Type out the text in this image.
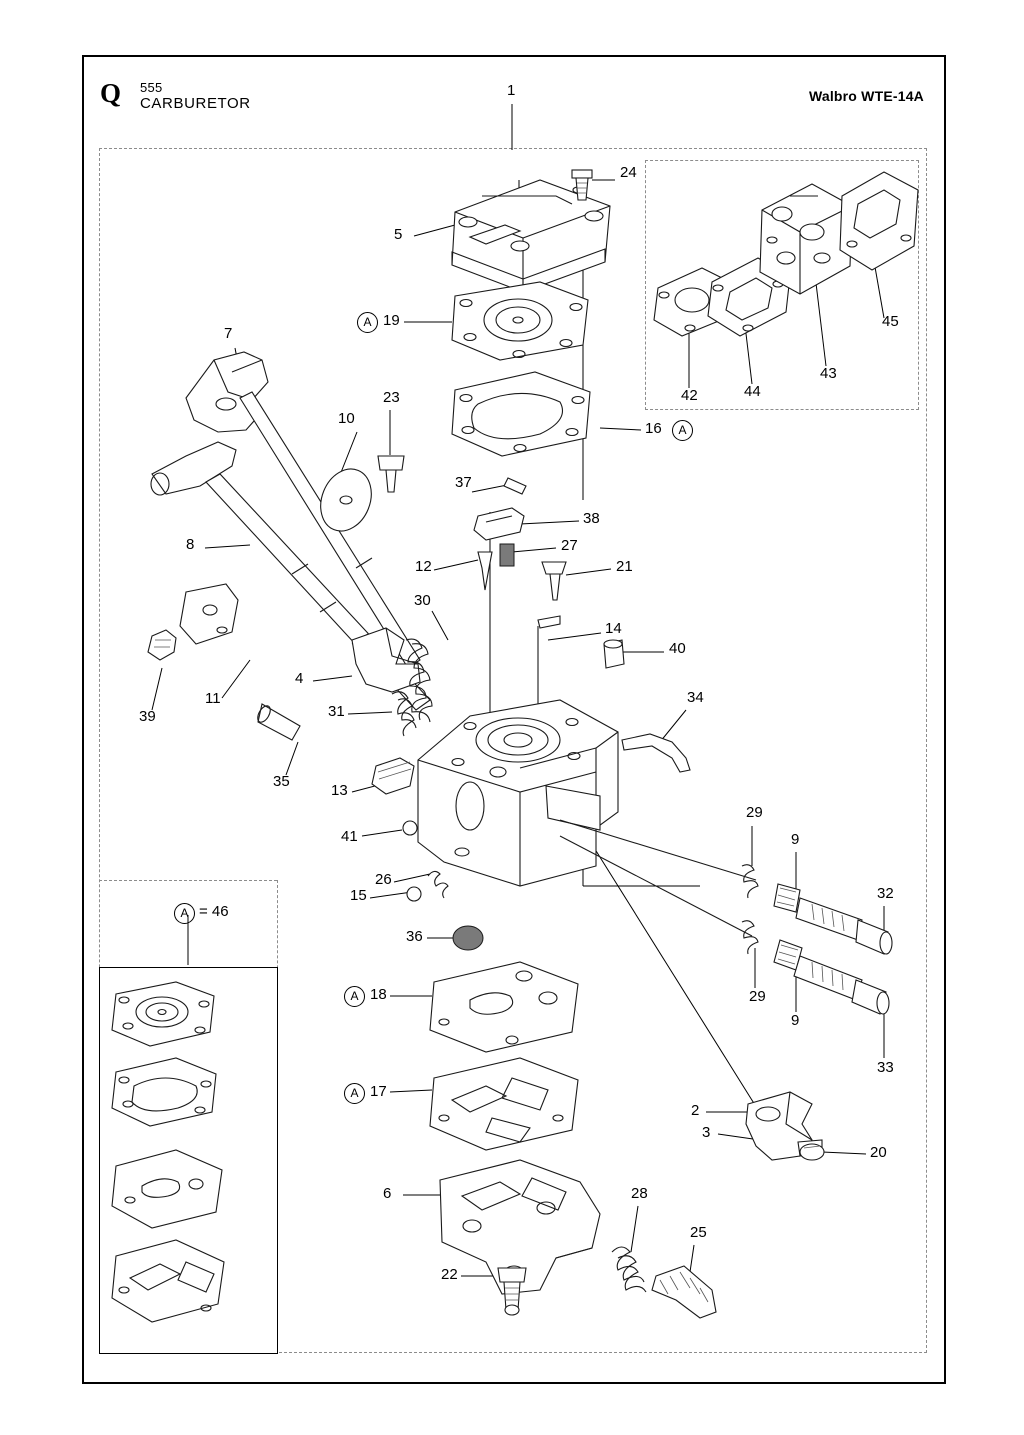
Q 555
CARBURETOR	Walbro WTE-14A
1
24
5
A 19	45
42	44
43
16	A
7
23
10
37
38
27
12	21
8
30
14
40
11
39
4
31
34
35
13
41
26
15
29
9
32
36
29
9
33
A 18
A 17
2
3
20
6	28
25
22
A = 46
